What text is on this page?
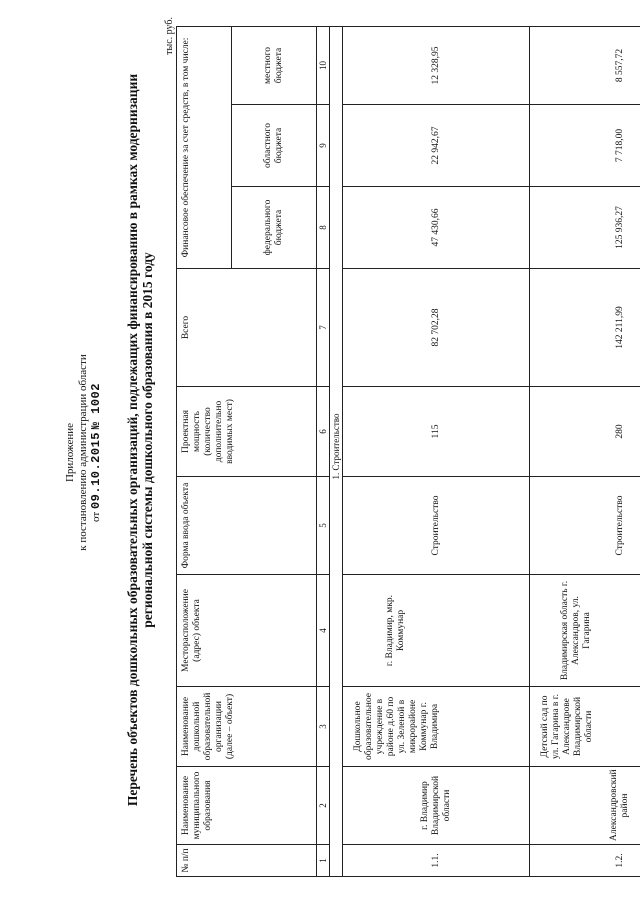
Приложение к постановлению администрации области от 09.10.2015 № 1002 Перечень объектов дошкольных образовательных организаций, подлежащих финансированию в рамках модернизации региональной системы дошкольного образования в 2015 году
тыс. руб.
№ п/п	Наименование муниципального образования	Наименование дошкольной образовательной организации (далее – объект)	Месторасположение (адрес) объекта	Форма ввода объекта	Проектная мощность (количество дополнительно вводимых мест)	Всего	Финансовое обеспечение за счет средств, в том числе:		
							федерального бюджета	областного бюджета	местного бюджета
1	2	3	4	5	6	7	8	9	10
1. Строительство									
1.1.	г. Владимир Владимирской области	Дошкольное образовательное учреждение в районе д.60 по ул. Зеленой в микрорайоне Коммунар г. Владимира	г. Владимир, мкр. Коммунар	Строительство	115	82 702,28	47 430,66	22 942,67	12 328,95
1.2.	Александровский район	Детский сад по ул. Гагарина в г. Александрове Владимирской области	Владимирская область г. Александров, ул. Гагарина	Строительство	280	142 211,99	125 936,27	7 718,00	8 557,72
